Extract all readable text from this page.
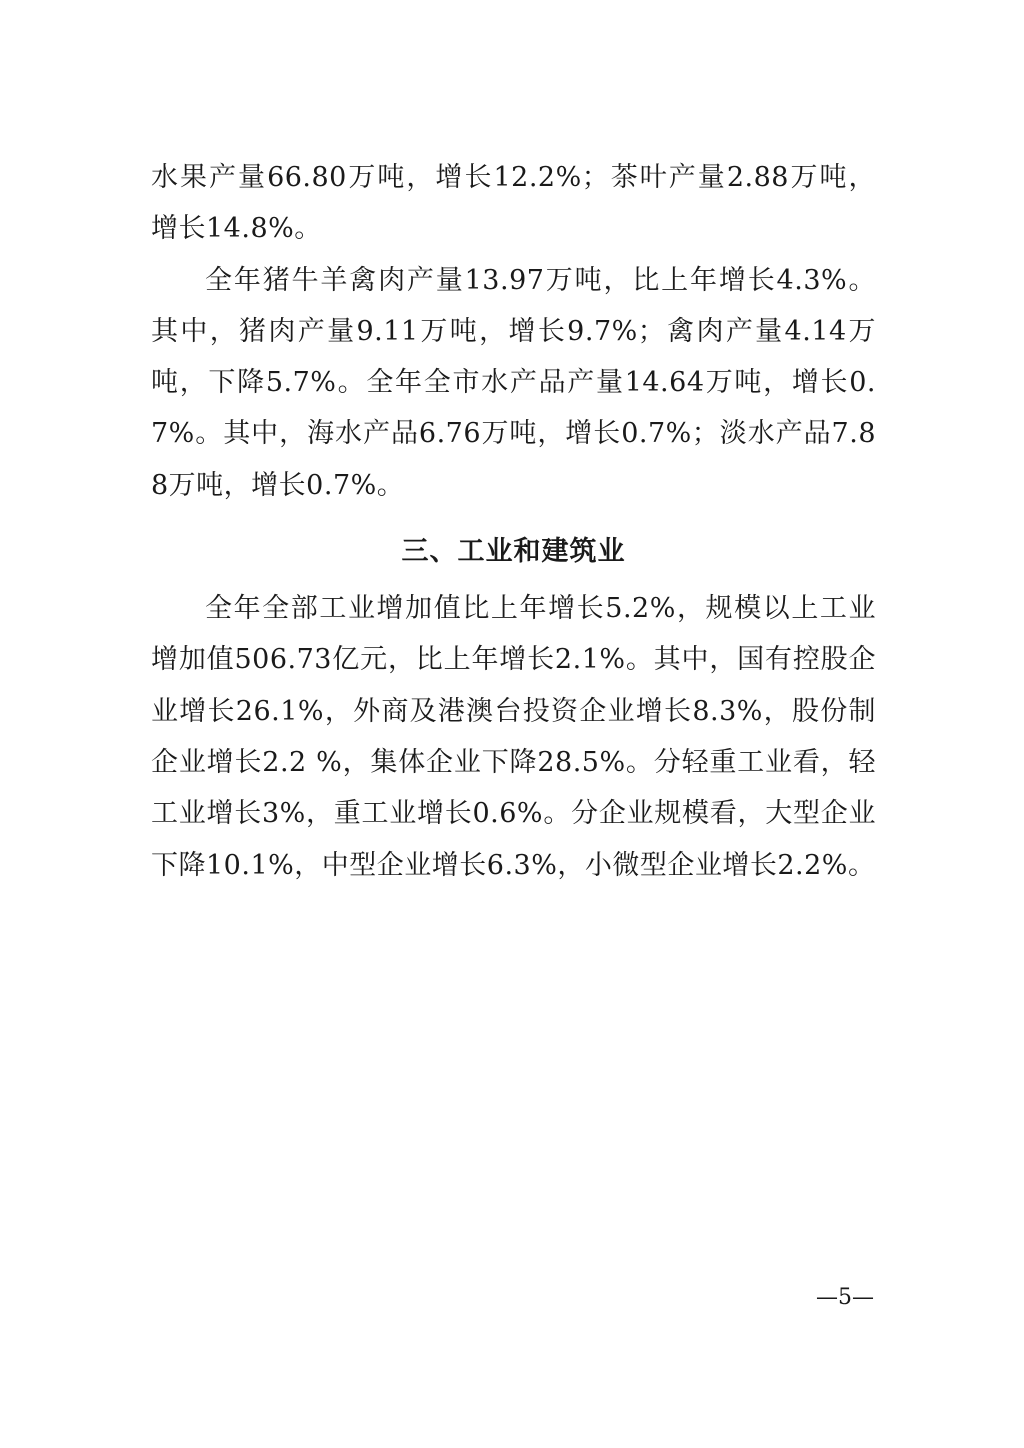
水果产量66.80万吨，增长12.2%；茶叶产量2.88万吨，增长14.8%。

全年猪牛羊禽肉产量13.97万吨，比上年增长4.3%。其中，猪肉产量9.11万吨，增长9.7%；禽肉产量4.14万吨，下降5.7%。全年全市水产品产量14.64万吨，增长0.7%。其中，海水产品6.76万吨，增长0.7%；淡水产品7.88万吨，增长0.7%。

三、工业和建筑业

全年全部工业增加值比上年增长5.2%，规模以上工业增加值506.73亿元，比上年增长2.1%。其中，国有控股企业增长26.1%，外商及港澳台投资企业增长8.3%，股份制企业增长2.2 %，集体企业下降28.5%。分轻重工业看，轻工业增长3%，重工业增长0.6%。分企业规模看，大型企业下降10.1%，中型企业增长6.3%，小微型企业增长2.2%。

—5—
